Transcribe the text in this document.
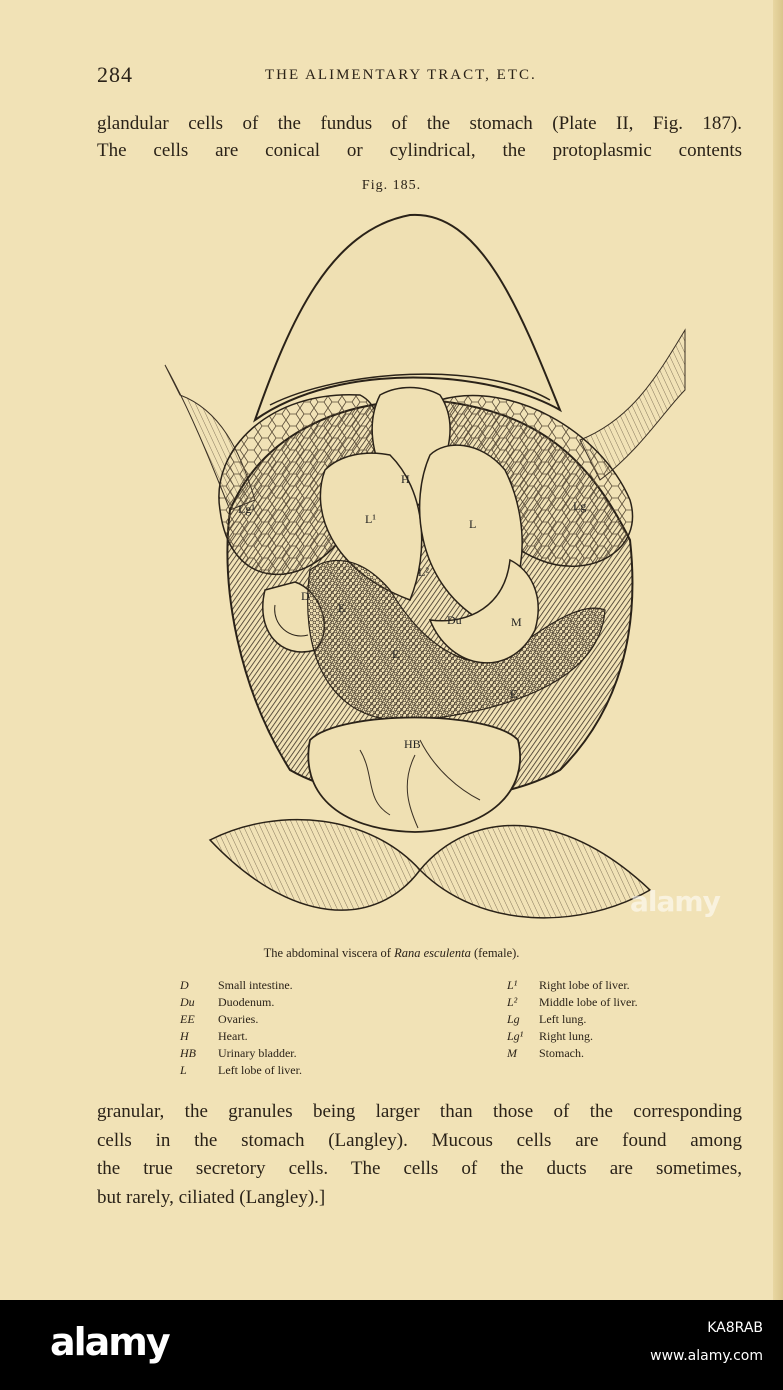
284	THE ALIMENTARY TRACT, ETC.

glandular cells of the fundus of the stomach (Plate II, Fig. 187).

The cells are conical or cylindrical, the protoplasmic contents

Fig. 185.
Lg¹	Lg
H
L¹	L
L²
D
E
E
E
Du	M
HB
alamy
The abdominal viscera of Rana esculenta (female).
D Small intestine.
Du Duodenum.
EE Ovaries.
H Heart.
HB Urinary bladder.
L	Left lobe of liver.
L¹ Right lobe of liver.
L² Middle lobe of liver.
Lg Left lung.
Lg¹ Right lung.
M Stomach.

granular, the granules being larger than those of the corresponding

cells in the stomach (Langley). Mucous cells are found among

the true secretory cells. The cells of the ducts are sometimes,

but rarely, ciliated (Langley).]

alamy	KA8RAB
www.alamy.com
